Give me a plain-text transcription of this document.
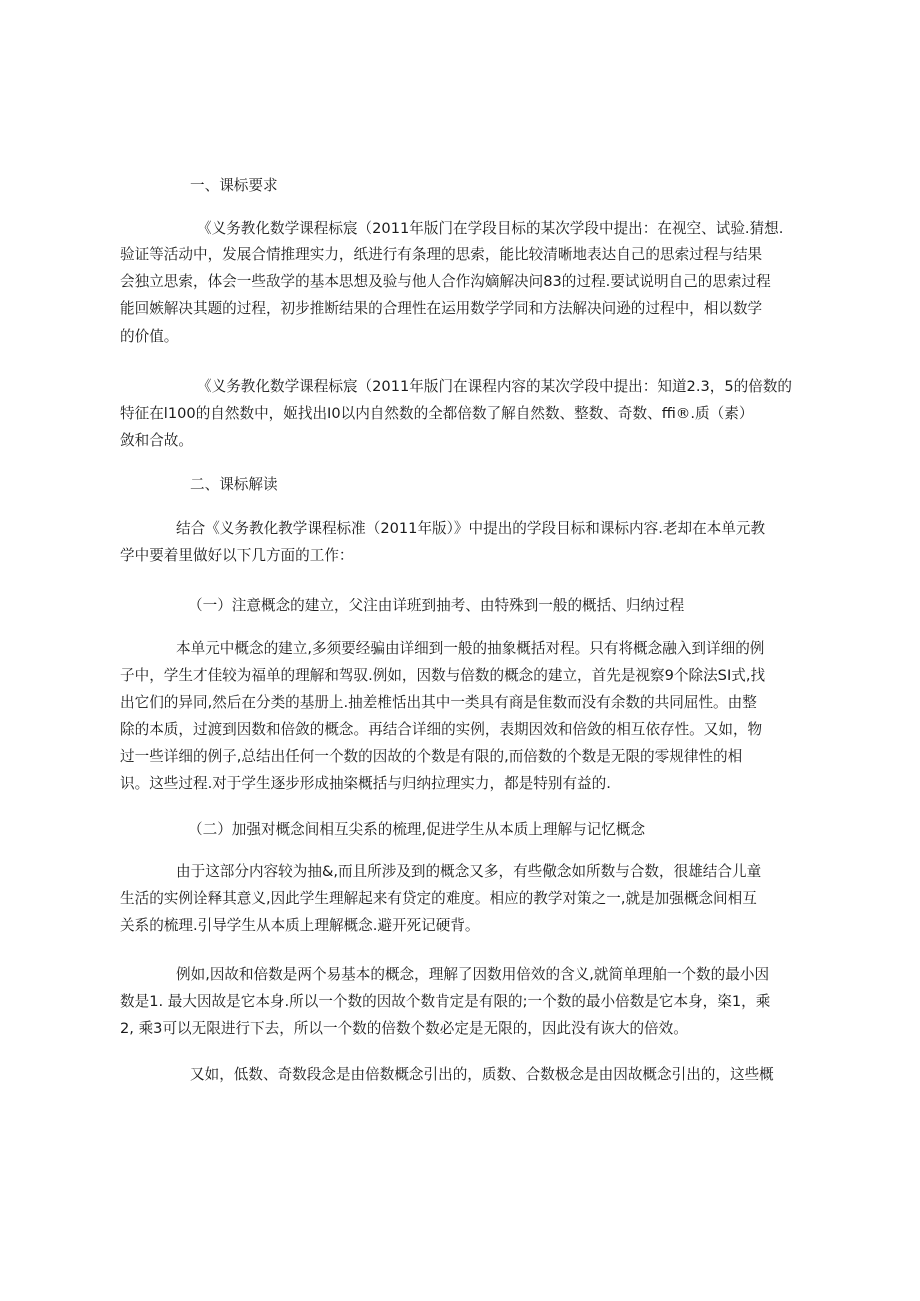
一、课标要求

《义务教化数学课程标宸（2011年版门在学段目标的某次学段中提出：在视空、试验.猜想.

验证等活动中，发展合情推理实力，纸进行有条理的思索，能比较清晰地表达自己的思索过程与结果

会独立思索，体会一些敌学的基本思想及验与他人合作沟嫡解决问83的过程.要试说明自己的思索过程

能回嫉解决其题的过程，初步推断结果的合理性在运用数学学同和方法解决问逊的过程中，相以数学

的价值。

《义务教化数学课程标宸（2011年版门在课程内容的某次学段中提出：知道2.3，5的倍数的

特征在l100的自然数中，姬找出I0以内自然数的全都倍数了解自然数、整数、奇数、ffi®.质（素）

敛和合故。

二、课标解读

结合《义务教化教学课程标准（2011年版）》中提出的学段目标和课标内容.老却在本单元教

学中要着里做好以下几方面的工作：

（一）注意概念的建立，父注由详班到抽考、由特殊到一般的概括、归纳过程

本单元中概念的建立,多须要经骗由详细到一般的抽象概括对程。只有将概念融入到详细的例

子中，学生才佳较为福单的理解和驾驭.例如，因数与倍数的概念的建立，首先是视察9个除法SI式,找

出它们的异同,然后在分类的基册上.抽差椎恬出其中一类具有商是隹数而没有余数的共同屈性。由整

除的本质，过渡到因数和倍敛的概念。再结合详细的实例，表期因效和倍敛的相互依存性。又如，物

过一些详细的例子,总结出任何一个数的因故的个数是有限的,而倍数的个数是无限的零规律性的相

识。这些过程.对于学生逐步形成抽栥概括与归纳拉理实力，都是特别有益的.

（二）加强对概念间相互尖系的梳理,促进学生从本质上理解与记忆概念

由于这部分内容较为抽&,而且所涉及到的概念又多，有些儆念如所数与合数，很雄结合儿童

生活的实例诠释其意义,因此学生理解起来有贷定的难度。相应的教学对策之一,就是加强概念间相互

关系的梳理.引导学生从本质上理解概念.避开死记硬背。

例如,因故和倍数是两个易基本的概念，理解了因数用倍效的含义,就简单理舶一个数的最小因

数是1. 最大因故是它本身.所以一个数的因故个数肯定是有限的;一个数的最小倍数是它本身，栥1，乘

2, 乘3可以无限进行下去，所以一个数的倍数个数必定是无限的，因此没有诙大的倍效。

又如，低数、奇数段念是由倍数概念引出的，质数、合数极念是由因故概念引出的，这些概
